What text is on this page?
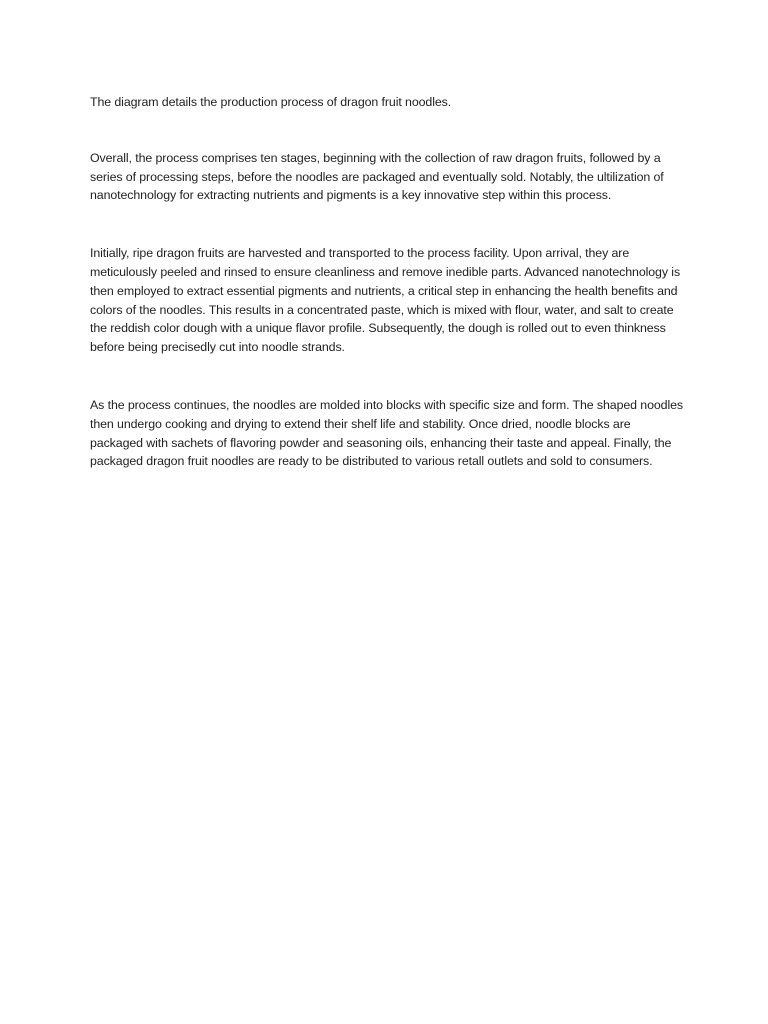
The diagram details the production process of dragon fruit noodles.

Overall, the process comprises ten stages, beginning with the collection of raw dragon fruits, followed by a series of processing steps, before the noodles are packaged and eventually sold. Notably, the ultilization of nanotechnology for extracting nutrients and pigments is a key innovative step within this process.

Initially, ripe dragon fruits are harvested and transported to the process facility. Upon arrival, they are meticulously peeled and rinsed to ensure cleanliness and remove inedible parts. Advanced nanotechnology is then employed to extract essential pigments and nutrients, a critical step in enhancing the health benefits and colors of the noodles. This results in a concentrated paste, which is mixed with flour, water, and salt to create the reddish color dough with a unique flavor profile. Subsequently, the dough is rolled out to even thinkness before being precisedly cut into noodle strands.

As the process continues, the noodles are molded into blocks with specific size and form. The shaped noodles then undergo cooking and drying to extend their shelf life and stability. Once dried, noodle blocks are packaged with sachets of flavoring powder and seasoning oils, enhancing their taste and appeal. Finally, the packaged dragon fruit noodles are ready to be distributed to various retall outlets and sold to consumers.
